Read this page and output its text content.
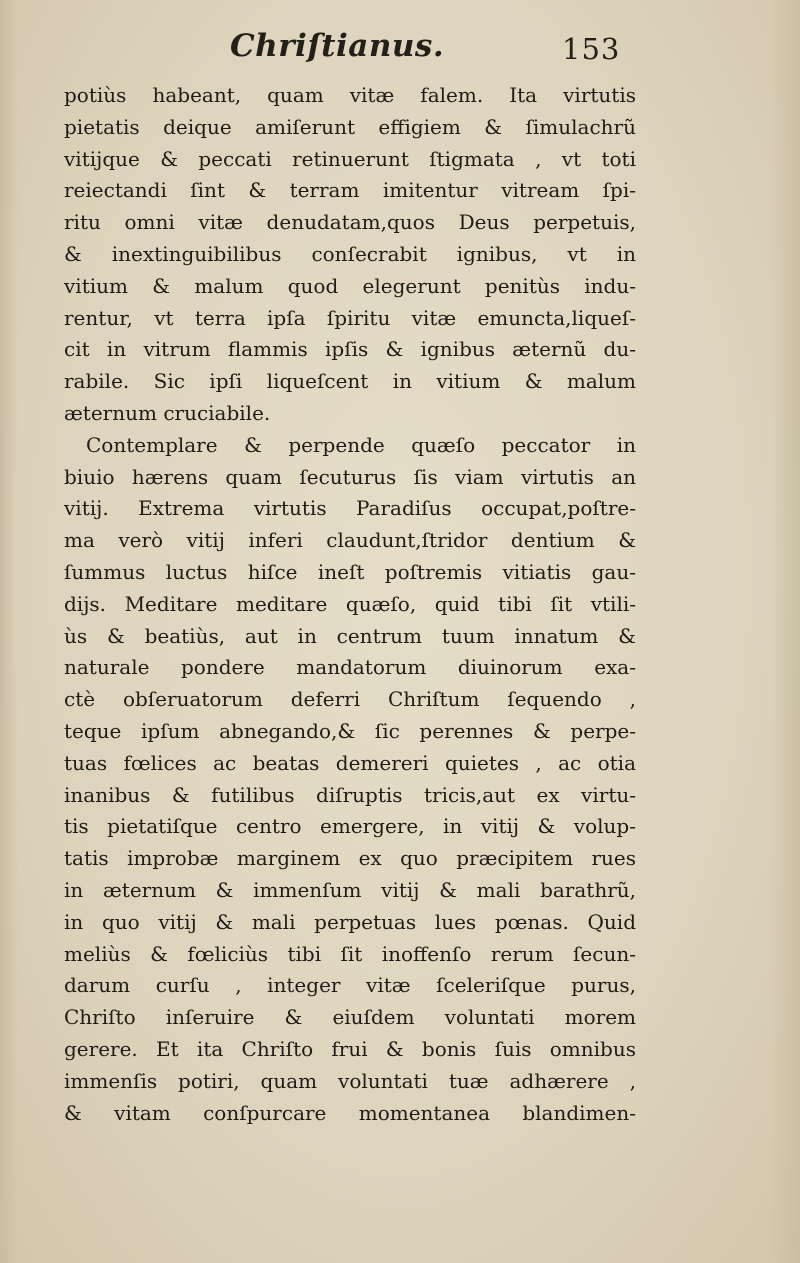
Chriſtianus.	153
potiùs habeant, quam vitæ falem. Ita virtutis
pietatis deique amiſerunt effigiem & ſimulachrũ
vitijque & peccati retinuerunt ſtigmata , vt toti
reiectandi ſint & terram imitentur vitream ſpi-
ritu omni vitæ denudatam,quos Deus perpetuis,
& inextinguibilibus conſecrabit ignibus, vt in
vitium & malum quod elegerunt penitùs indu-
rentur, vt terra ipſa ſpiritu vitæ emuncta,liqueſ-
cit in vitrum flammis ipſis & ignibus æternũ du-
rabile. Sic ipſi liqueſcent in vitium & malum
æternum cruciabile.
Contemplare & perpende quæſo peccator in
biuio hærens quam ſecuturus ſis viam virtutis an
vitij. Extrema virtutis Paradiſus occupat,poſtre-
ma verò vitij inferi claudunt,ſtridor dentium &
ſummus luctus hiſce ineſt poſtremis vitiatis gau-
dijs. Meditare meditare quæſo, quid tibi ſit vtili-
ùs & beatiùs, aut in centrum tuum innatum &
naturale pondere mandatorum diuinorum exa-
ctè obſeruatorum deferri Chriſtum ſequendo ,
teque ipſum abnegando,& ſic perennes & perpe-
tuas fœlices ac beatas demereri quietes , ac otia
inanibus & futilibus diſruptis tricis,aut ex virtu-
tis pietatiſque centro emergere, in vitij & volup-
tatis improbæ marginem ex quo præcipitem rues
in æternum & immenſum vitij & mali barathrũ,
in quo vitij & mali perpetuas lues pœnas. Quid
meliùs & fœliciùs tibi ſit inoffenſo rerum ſecun-
darum curſu , integer vitæ ſceleriſque purus,
Chriſto inſeruire & eiuſdem voluntati morem
gerere. Et ita Chriſto frui & bonis ſuis omnibus
immenſis potiri, quam voluntati tuæ adhærere ,
& vitam conſpurcare momentanea blandimen-
